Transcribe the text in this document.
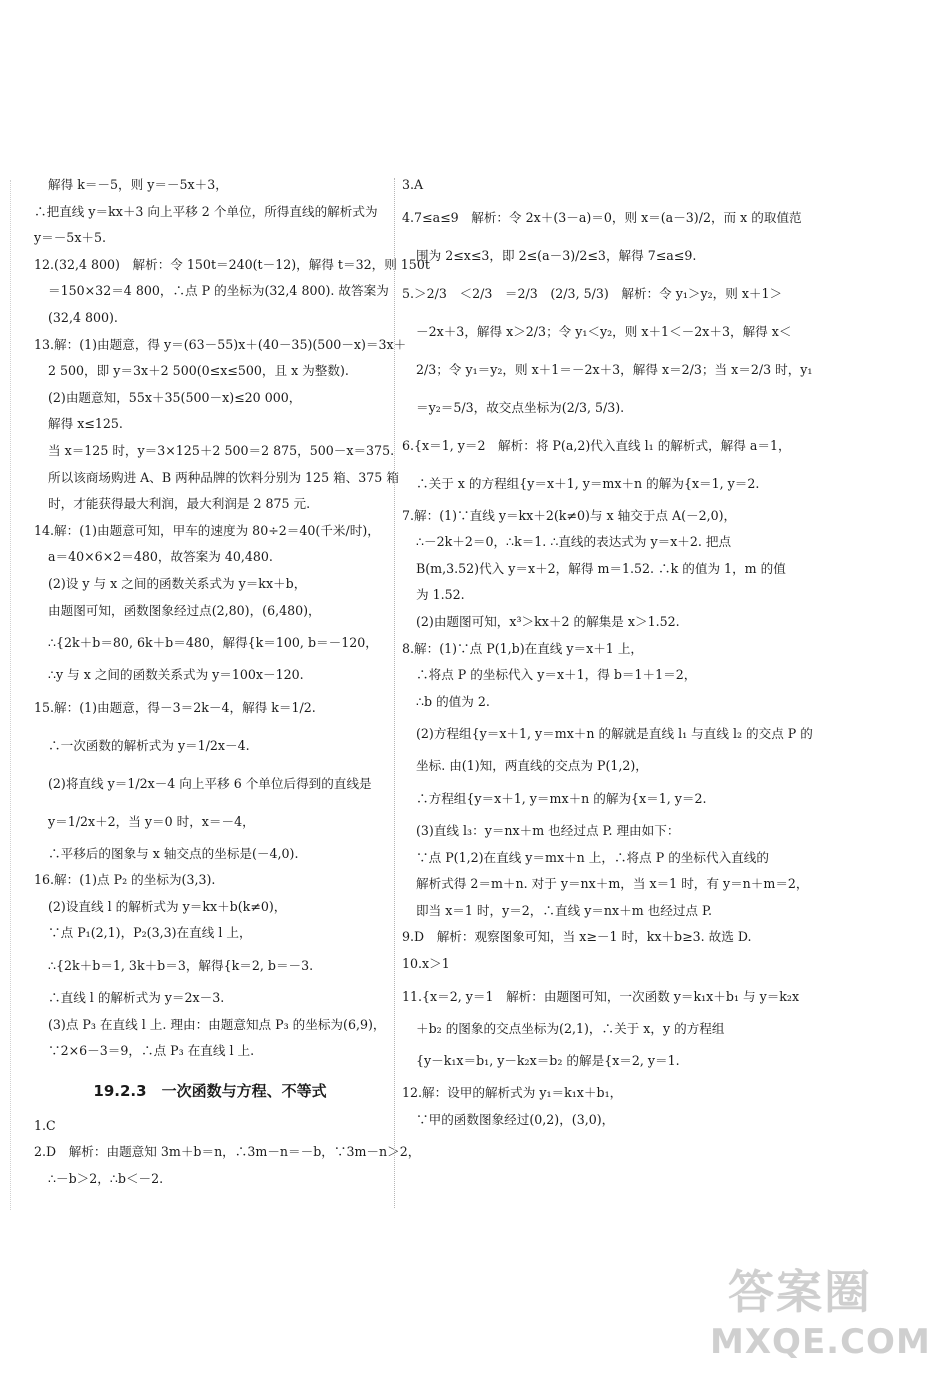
解得 k＝－5，则 y＝－5x＋3，
∴把直线 y＝kx＋3 向上平移 2 个单位，所得直线的解析式为
y＝－5x＋5.
12.(32,4 800)　解析：令 150t＝240(t－12)，解得 t＝32，则 150t
＝150×32＝4 800，∴点 P 的坐标为(32,4 800). 故答案为
(32,4 800).
13.解：(1)由题意，得 y＝(63－55)x＋(40－35)(500－x)＝3x＋
2 500，即 y＝3x＋2 500(0≤x≤500，且 x 为整数).
(2)由题意知，55x＋35(500－x)≤20 000，
解得 x≤125.
当 x＝125 时，y＝3×125＋2 500＝2 875，500－x＝375.
所以该商场购进 A、B 两种品牌的饮料分别为 125 箱、375 箱
时，才能获得最大利润，最大利润是 2 875 元.
14.解：(1)由题意可知，甲车的速度为 80÷2＝40(千米/时)，
a＝40×6×2＝480，故答案为 40,480.
(2)设 y 与 x 之间的函数关系式为 y＝kx＋b，
由题图可知，函数图象经过点(2,80)，(6,480)，
∴{2k＋b＝80, 6k＋b＝480，解得{k＝100, b＝－120，
∴y 与 x 之间的函数关系式为 y＝100x－120.
15.解：(1)由题意，得－3＝2k－4，解得 k＝1/2.
∴一次函数的解析式为 y＝1/2x－4.
(2)将直线 y＝1/2x－4 向上平移 6 个单位后得到的直线是
y＝1/2x＋2，当 y＝0 时，x＝－4，
∴平移后的图象与 x 轴交点的坐标是(－4,0).
16.解：(1)点 P₂ 的坐标为(3,3).
(2)设直线 l 的解析式为 y＝kx＋b(k≠0)，
∵点 P₁(2,1)，P₂(3,3)在直线 l 上，
∴{2k＋b＝1, 3k＋b＝3，解得{k＝2, b＝－3.
∴直线 l 的解析式为 y＝2x－3.
(3)点 P₃ 在直线 l 上. 理由：由题意知点 P₃ 的坐标为(6,9)，
∵2×6－3＝9，∴点 P₃ 在直线 l 上.
19.2.3　一次函数与方程、不等式
1.C
2.D　解析：由题意知 3m＋b＝n，∴3m－n＝－b，∵3m－n＞2，
∴－b＞2，∴b＜－2.
3.A
4.7≤a≤9　解析：令 2x＋(3－a)＝0，则 x＝(a－3)/2，而 x 的取值范
围为 2≤x≤3，即 2≤(a－3)/2≤3，解得 7≤a≤9.
5.＞2/3　＜2/3　＝2/3　(2/3, 5/3)　解析：令 y₁＞y₂，则 x＋1＞
－2x＋3，解得 x＞2/3；令 y₁＜y₂，则 x＋1＜－2x＋3，解得 x＜
2/3；令 y₁＝y₂，则 x＋1＝－2x＋3，解得 x＝2/3；当 x＝2/3 时，y₁
＝y₂＝5/3，故交点坐标为(2/3, 5/3).
6.{x＝1, y＝2　解析：将 P(a,2)代入直线 l₁ 的解析式，解得 a＝1，
∴关于 x 的方程组{y＝x＋1, y＝mx＋n 的解为{x＝1, y＝2.
7.解：(1)∵直线 y＝kx＋2(k≠0)与 x 轴交于点 A(－2,0)，
∴－2k＋2＝0，∴k＝1. ∴直线的表达式为 y＝x＋2. 把点
B(m,3.52)代入 y＝x＋2，解得 m＝1.52. ∴k 的值为 1，m 的值
为 1.52.
(2)由题图可知，x³＞kx＋2 的解集是 x＞1.52.
8.解：(1)∵点 P(1,b)在直线 y＝x＋1 上，
∴将点 P 的坐标代入 y＝x＋1，得 b＝1＋1＝2，
∴b 的值为 2.
(2)方程组{y＝x＋1, y＝mx＋n 的解就是直线 l₁ 与直线 l₂ 的交点 P 的
坐标. 由(1)知，两直线的交点为 P(1,2)，
∴方程组{y＝x＋1, y＝mx＋n 的解为{x＝1, y＝2.
(3)直线 l₃：y＝nx＋m 也经过点 P. 理由如下：
∵点 P(1,2)在直线 y＝mx＋n 上，∴将点 P 的坐标代入直线的
解析式得 2＝m＋n. 对于 y＝nx＋m，当 x＝1 时，有 y＝n＋m＝2，
即当 x＝1 时，y＝2，∴直线 y＝nx＋m 也经过点 P.
9.D　解析：观察图象可知，当 x≥－1 时，kx＋b≥3. 故选 D.
10.x＞1
11.{x＝2, y＝1　解析：由题图可知，一次函数 y＝k₁x＋b₁ 与 y＝k₂x
＋b₂ 的图象的交点坐标为(2,1)，∴关于 x，y 的方程组
{y－k₁x＝b₁, y－k₂x＝b₂ 的解是{x＝2, y＝1.
12.解：设甲的解析式为 y₁＝k₁x＋b₁，
∵甲的函数图象经过(0,2)，(3,0)，
答案圈
MXQE.COM
